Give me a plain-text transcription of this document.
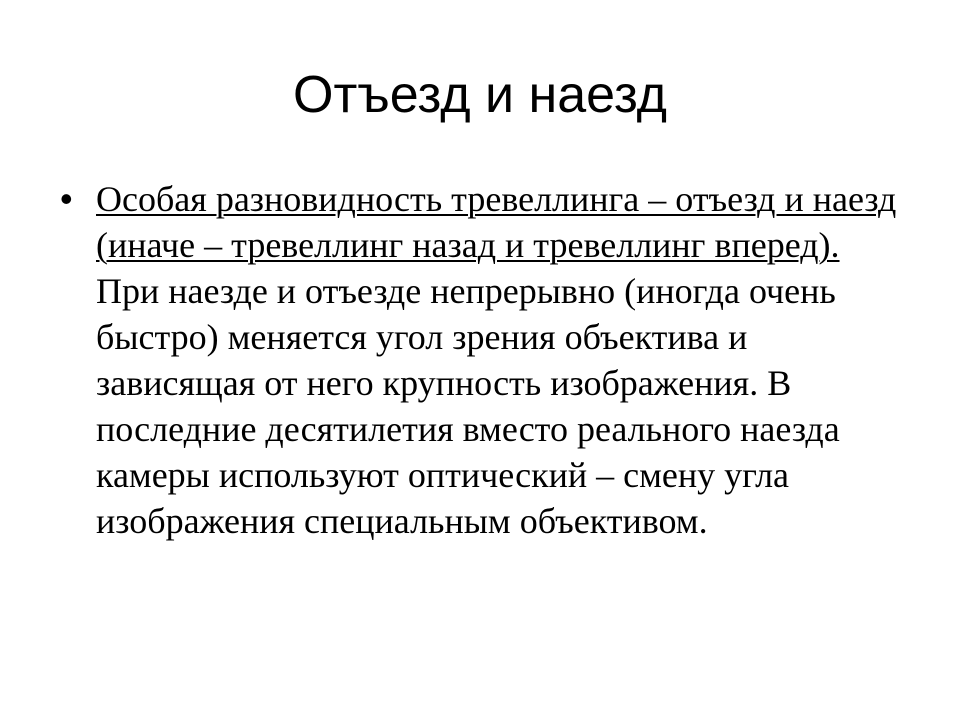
Отъезд и наезд
• Особая разновидность тревеллинга – отъезд и наезд (иначе – тревеллинг назад и тревеллинг вперед). При наезде и отъезде непрерывно (иногда очень быстро) меняется угол зрения объектива и зависящая от него крупность изображения. В последние десятилетия вместо реального наезда камеры используют оптический – смену угла изображения специальным объективом.
